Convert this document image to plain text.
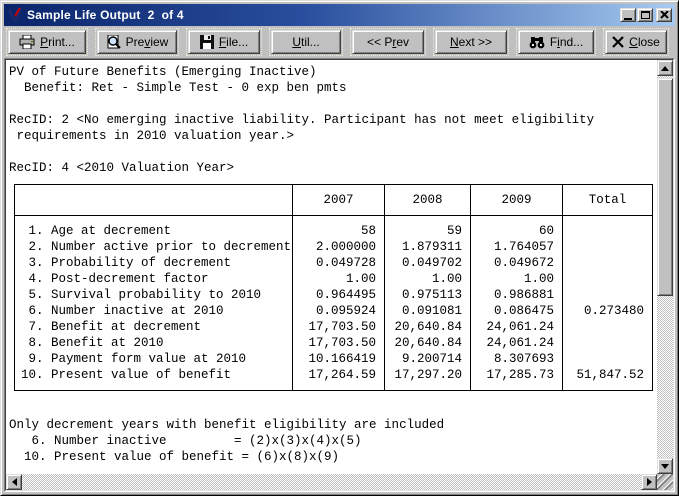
Sample Life Output  2  of 4
Print...	Preview	File...	Util...	<< Prev	Next >>	Find...	Close
PV of Future Benefits (Emerging Inactive)
Benefit: Ret - Simple Test - 0 exp ben pmts
RecID: 2 <No emerging inactive liability. Participant has not meet eligibility
requirements in 2010 valuation year.>
RecID: 4 <2010 Valuation Year>
	2007	2008	2009	Total
1. Age at decrement	58	59	60	
2. Number active prior to decrement	2.000000	1.879311	1.764057	
3. Probability of decrement	0.049728	0.049702	0.049672	
4. Post-decrement factor	1.00	1.00	1.00	
5. Survival probability to 2010	0.964495	0.975113	0.986881	
6. Number inactive at 2010	0.095924	0.091081	0.086475	0.273480
7. Benefit at decrement	17,703.50	20,640.84	24,061.24	
8. Benefit at 2010	17,703.50	20,640.84	24,061.24	
9. Payment form value at 2010	10.166419	9.200714	8.307693	
10. Present value of benefit	17,264.59	17,297.20	17,285.73	51,847.52
Only decrement years with benefit eligibility are included
6. Number inactive         = (2)x(3)x(4)x(5)
10. Present value of benefit = (6)x(8)x(9)
